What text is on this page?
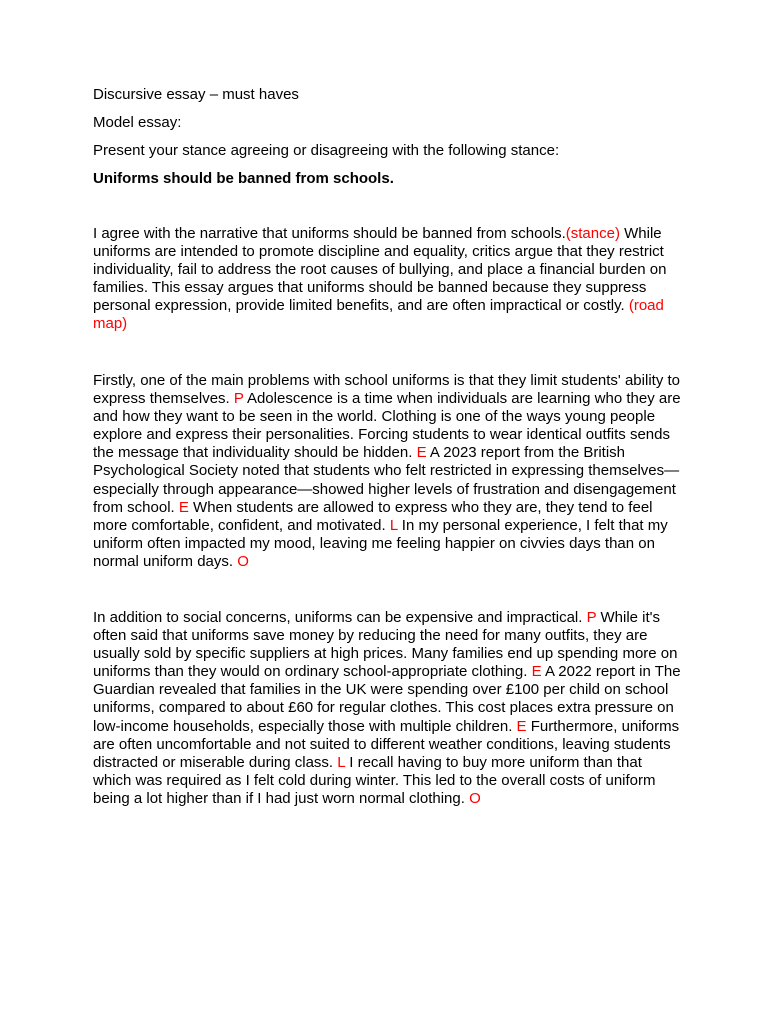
Discursive essay – must haves

Model essay:

Present your stance agreeing or disagreeing with the following stance:

Uniforms should be banned from schools.

I agree with the narrative that uniforms should be banned from schools.(stance) While uniforms are intended to promote discipline and equality, critics argue that they restrict individuality, fail to address the root causes of bullying, and place a financial burden on families. This essay argues that uniforms should be banned because they suppress personal expression, provide limited benefits, and are often impractical or costly. (road map)

Firstly, one of the main problems with school uniforms is that they limit students' ability to express themselves. P Adolescence is a time when individuals are learning who they are and how they want to be seen in the world. Clothing is one of the ways young people explore and express their personalities. Forcing students to wear identical outfits sends the message that individuality should be hidden. E A 2023 report from the British Psychological Society noted that students who felt restricted in expressing themselves—especially through appearance—showed higher levels of frustration and disengagement from school. E When students are allowed to express who they are, they tend to feel more comfortable, confident, and motivated. L In my personal experience, I felt that my uniform often impacted my mood, leaving me feeling happier on civvies days than on normal uniform days. O

In addition to social concerns, uniforms can be expensive and impractical. P While it's often said that uniforms save money by reducing the need for many outfits, they are usually sold by specific suppliers at high prices. Many families end up spending more on uniforms than they would on ordinary school-appropriate clothing. E A 2022 report in The Guardian revealed that families in the UK were spending over £100 per child on school uniforms, compared to about £60 for regular clothes. This cost places extra pressure on low-income households, especially those with multiple children. E Furthermore, uniforms are often uncomfortable and not suited to different weather conditions, leaving students distracted or miserable during class. L I recall having to buy more uniform than that which was required as I felt cold during winter. This led to the overall costs of uniform being a lot higher than if I had just worn normal clothing. O
